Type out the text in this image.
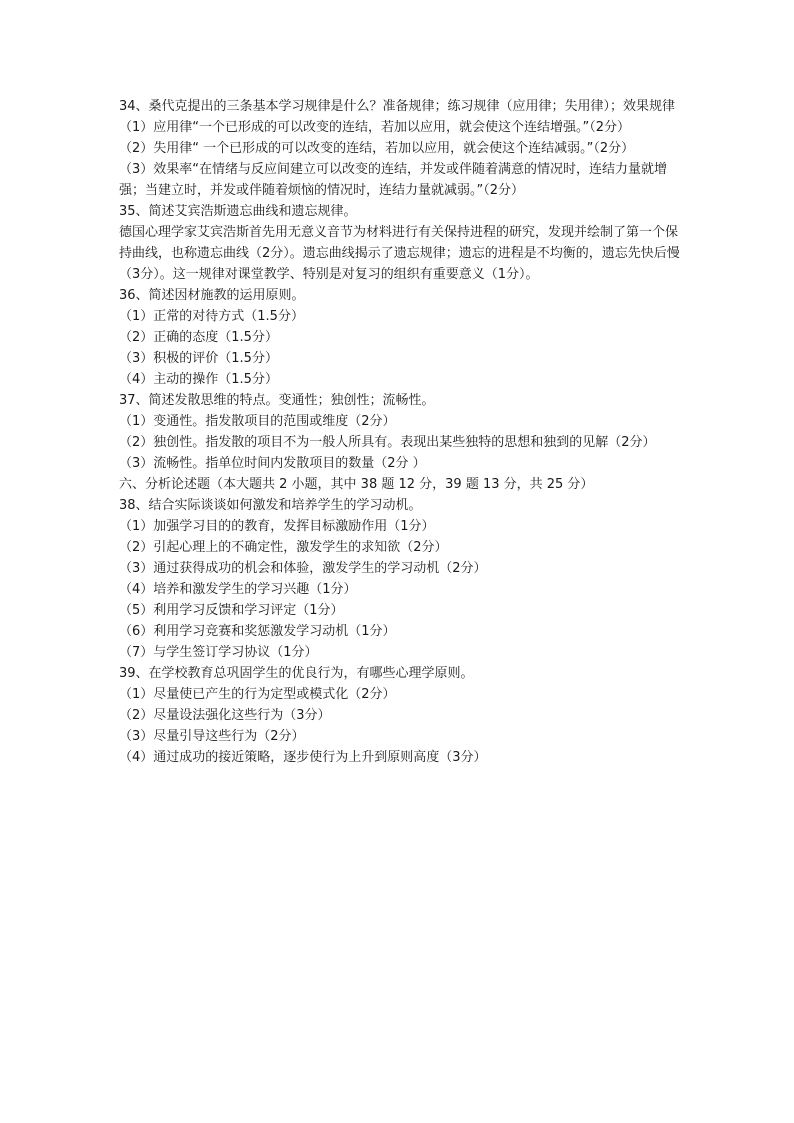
34、桑代克提出的三条基本学习规律是什么？准备规律；练习规律（应用律；失用律）；效果规律
（1）应用律“一个已形成的可以改变的连结，若加以应用，就会使这个连结增强。”（2分）
（2）失用律“ 一个已形成的可以改变的连结，若加以应用，就会使这个连结减弱。”（2分）
（3）效果率“在情绪与反应间建立可以改变的连结，并发或伴随着满意的情况时，连结力量就增强；当建立时，并发或伴随着烦恼的情况时，连结力量就减弱。”（2分）
35、简述艾宾浩斯遗忘曲线和遗忘规律。
德国心理学家艾宾浩斯首先用无意义音节为材料进行有关保持进程的研究，发现并绘制了第一个保持曲线，也称遗忘曲线（2分）。遗忘曲线揭示了遗忘规律；遗忘的进程是不均衡的，遗忘先快后慢（3分）。这一规律对课堂教学、特别是对复习的组织有重要意义（1分）。
36、简述因材施教的运用原则。
（1）正常的对待方式（1.5分）
（2）正确的态度（1.5分）
（3）积极的评价（1.5分）
（4）主动的操作（1.5分）
37、简述发散思维的特点。变通性；独创性；流畅性。
（1）变通性。指发散项目的范围或维度（2分）
（2）独创性。指发散的项目不为一般人所具有。表现出某些独特的思想和独到的见解（2分）
（3）流畅性。指单位时间内发散项目的数量（2分 ）
六、分析论述题（本大题共 2 小题，其中 38 题 12 分，39 题 13 分，共 25 分）
38、结合实际谈谈如何激发和培养学生的学习动机。
（1）加强学习目的的教育，发挥目标激励作用（1分）
（2）引起心理上的不确定性，激发学生的求知欲（2分）
（3）通过获得成功的机会和体验，激发学生的学习动机（2分）
（4）培养和激发学生的学习兴趣（1分）
（5）利用学习反馈和学习评定（1分）
（6）利用学习竞赛和奖惩激发学习动机（1分）
（7）与学生签订学习协议（1分）
39、在学校教育总巩固学生的优良行为，有哪些心理学原则。
（1）尽量使已产生的行为定型或模式化（2分）
（2）尽量设法强化这些行为（3分）
（3）尽量引导这些行为（2分）
（4）通过成功的接近策略，逐步使行为上升到原则高度（3分）
